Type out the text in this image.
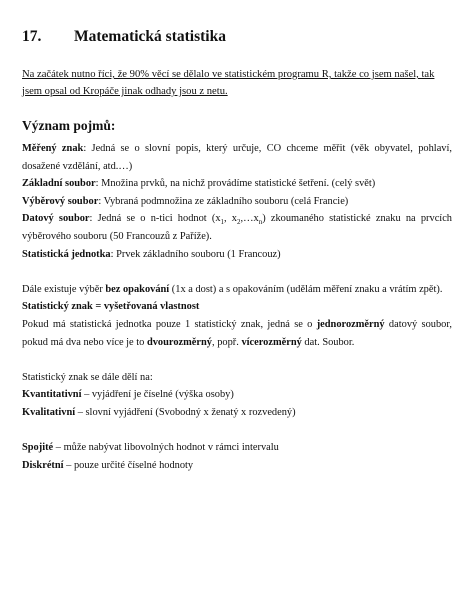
17. Matematická statistika
Na začátek nutno říci, že 90% věcí se dělalo ve statistickém programu R, takže co jsem našel, tak jsem opsal od Kropáče jinak odhady jsou z netu.
Význam pojmů:

Měřený znak: Jedná se o slovní popis, který určuje, CO chceme měřit (věk obyvatel, pohlaví, dosažené vzdělání, atd.…)

Základní soubor: Množina prvků, na nichž provádíme statistické šetření. (celý svět)

Výběrový soubor: Vybraná podmnožina ze základního souboru (celá Francie)

Datový soubor: Jedná se o n-tici hodnot ($x_1$, $x_2,\dots x_n$) zkoumaného statistické znaku na prvcích výběrového souboru (50 Francouzů z Paříže).

Statistická jednotka: Prvek základního souboru (1 Francouz)

Dále existuje výběr bez opakování (1x a dost) a s opakováním (udělám měření znaku a vrátím zpět).

Statistický znak = vyšetřovaná vlastnost

Pokud má statistická jednotka pouze 1 statistický znak, jedná se o jednorozměrný datový soubor, pokud má dva nebo více je to dvourozměrný, popř. vícerozměrný dat. Soubor.

Statistický znak se dále dělí na:

Kvantitativní – vyjádření je číselné (výška osoby)

Kvalitativní – slovní vyjádření (Svobodný x ženatý x rozvedený)

Spojité – může nabývat libovolných hodnot v rámci intervalu

Diskrétní – pouze určité číselné hodnoty
